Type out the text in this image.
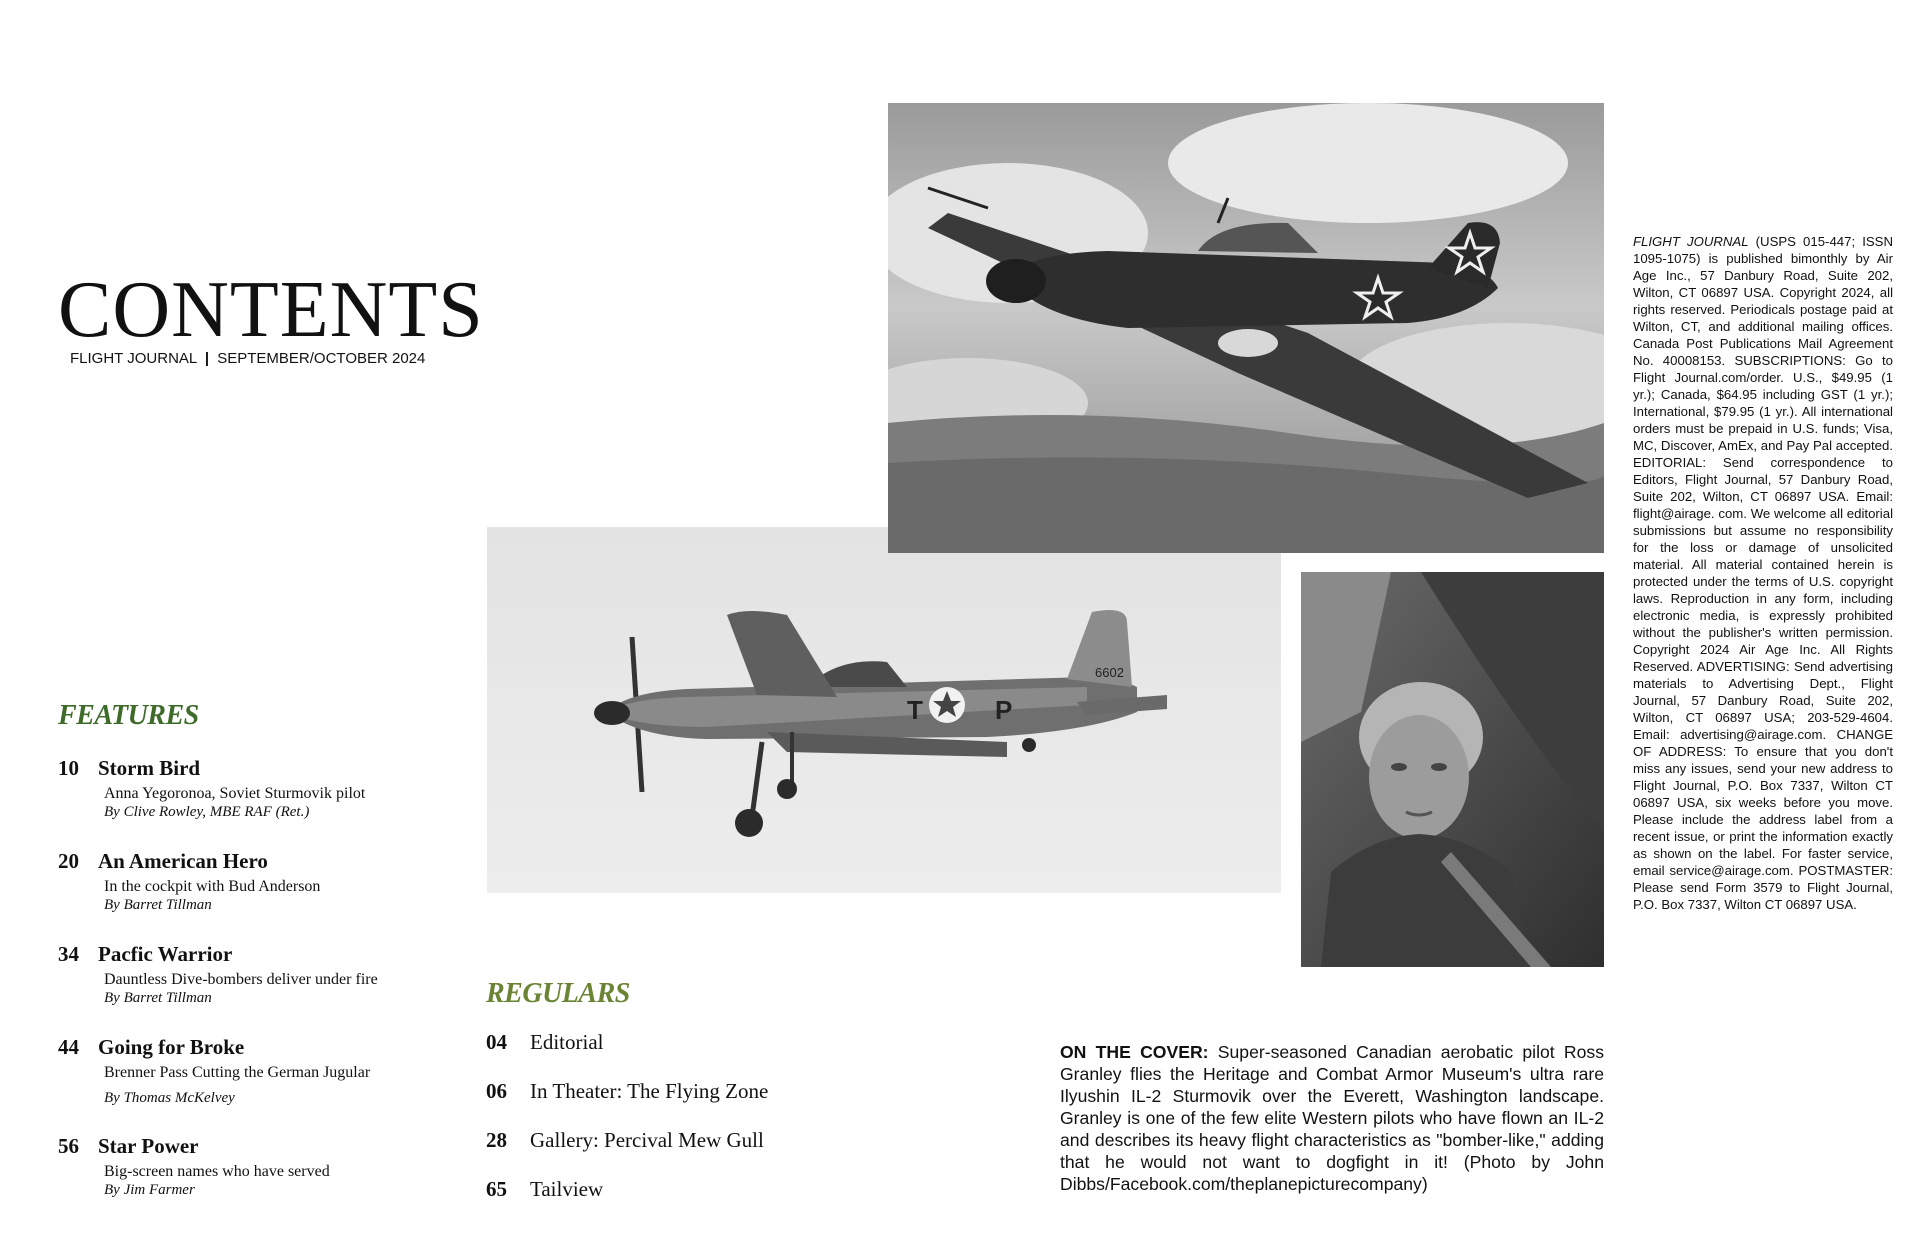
CONTENTS
FLIGHT JOURNAL | SEPTEMBER/OCTOBER 2024
FEATURES
10 Storm Bird
Anna Yegoronoa, Soviet Sturmovik pilot
By Clive Rowley, MBE RAF (Ret.)
20 An American Hero
In the cockpit with Bud Anderson
By Barret Tillman
34 Pacfic Warrior
Dauntless Dive-bombers deliver under fire
By Barret Tillman
44 Going for Broke
Brenner Pass Cutting the German Jugular
By Thomas McKelvey
56 Star Power
Big-screen names who have served
By Jim Farmer
REGULARS
04	Editorial
06	In Theater: The Flying Zone
28	Gallery: Percival Mew Gull
65	Tailview
T	P
6602
FLIGHT JOURNAL (USPS 015-447; ISSN 1095-1075) is published bimonthly by Air Age Inc., 57 Danbury Road, Suite 202, Wilton, CT 06897 USA. Copyright 2024, all rights reserved. Periodicals postage paid at Wilton, CT, and additional mailing offices. Canada Post Publications Mail Agreement No. 40008153. SUBSCRIPTIONS: Go to Flight Journal.com/order. U.S., $49.95 (1 yr.); Canada, $64.95 including GST (1 yr.); International, $79.95 (1 yr.). All international orders must be prepaid in U.S. funds; Visa, MC, Discover, AmEx, and Pay Pal accepted. EDITORIAL: Send correspondence to Editors, Flight Journal, 57 Danbury Road, Suite 202, Wilton, CT 06897 USA. Email: flight@airage. com. We welcome all editorial submissions but assume no responsibility for the loss or damage of unsolicited material. All material contained herein is protected under the terms of U.S. copyright laws. Reproduction in any form, including electronic media, is expressly prohibited without the publisher's written permission. Copyright 2024 Air Age Inc. All Rights Reserved. ADVERTISING: Send advertising materials to Advertising Dept., Flight Journal, 57 Danbury Road, Suite 202, Wilton, CT 06897 USA; 203-529-4604. Email: advertising@airage.com. CHANGE OF ADDRESS: To ensure that you don't miss any issues, send your new address to Flight Journal, P.O. Box 7337, Wilton CT 06897 USA, six weeks before you move. Please include the address label from a recent issue, or print the information exactly as shown on the label. For faster service, email service@airage.com. POSTMASTER: Please send Form 3579 to Flight Journal, P.O. Box 7337, Wilton CT 06897 USA.
ON THE COVER: Super-seasoned Canadian aerobatic pilot Ross Granley flies the Heritage and Combat Armor Museum's ultra rare Ilyushin IL-2 Sturmovik over the Everett, Washington landscape. Granley is one of the few elite Western pilots who have flown an IL-2 and describes its heavy flight characteristics as "bomber-like," adding that he would not want to dogfight in it! (Photo by John Dibbs/Facebook.com/theplanepicturecompany)
